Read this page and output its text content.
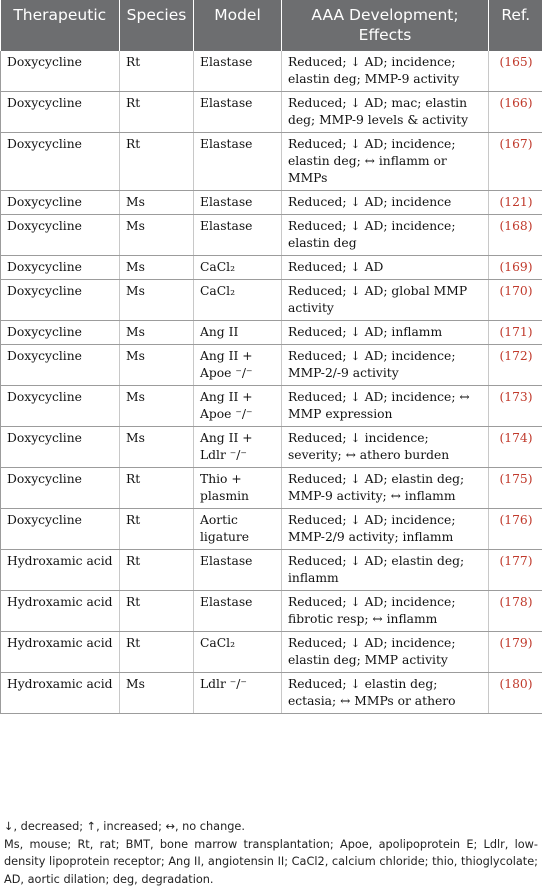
Therapeutic	Species	Model	AAA Development; Effects	Ref.
Doxycycline	Rt	Elastase	Reduced; ↓ AD; incidence; elastin deg; MMP-9 activity	(165)
Doxycycline	Rt	Elastase	Reduced; ↓ AD; mac; elastin deg; MMP-9 levels & activity	(166)
Doxycycline	Rt	Elastase	Reduced; ↓ AD; incidence; elastin deg; ↔ inflamm or MMPs	(167)
Doxycycline	Ms	Elastase	Reduced; ↓ AD; incidence	(121)
Doxycycline	Ms	Elastase	Reduced; ↓ AD; incidence; elastin deg	(168)
Doxycycline	Ms	CaCl₂	Reduced; ↓ AD	(169)
Doxycycline	Ms	CaCl₂	Reduced; ↓ AD; global MMP activity	(170)
Doxycycline	Ms	Ang II	Reduced; ↓ AD; inflamm	(171)
Doxycycline	Ms	Ang II + Apoe ⁻/⁻	Reduced; ↓ AD; incidence; MMP-2/-9 activity	(172)
Doxycycline	Ms	Ang II + Apoe ⁻/⁻	Reduced; ↓ AD; incidence; ↔ MMP expression	(173)
Doxycycline	Ms	Ang II + Ldlr ⁻/⁻	Reduced; ↓ incidence; severity; ↔ athero burden	(174)
Doxycycline	Rt	Thio + plasmin	Reduced; ↓ AD; elastin deg; MMP-9 activity; ↔ inflamm	(175)
Doxycycline	Rt	Aortic ligature	Reduced; ↓ AD; incidence; MMP-2/9 activity; inflamm	(176)
Hydroxamic acid	Rt	Elastase	Reduced; ↓ AD; elastin deg; inflamm	(177)
Hydroxamic acid	Rt	Elastase	Reduced; ↓ AD; incidence; fibrotic resp; ↔ inflamm	(178)
Hydroxamic acid	Rt	CaCl₂	Reduced; ↓ AD; incidence; elastin deg; MMP activity	(179)
Hydroxamic acid	Ms	Ldlr ⁻/⁻	Reduced; ↓ elastin deg; ectasia; ↔ MMPs or athero	(180)

↓, decreased; ↑, increased; ↔, no change.

Ms, mouse; Rt, rat; BMT, bone marrow transplantation; Apoe, apolipoprotein E; Ldlr, low-density lipoprotein receptor; Ang II, angiotensin II; CaCl2, calcium chloride; thio, thioglycolate; AD, aortic dilation; deg, degradation.
